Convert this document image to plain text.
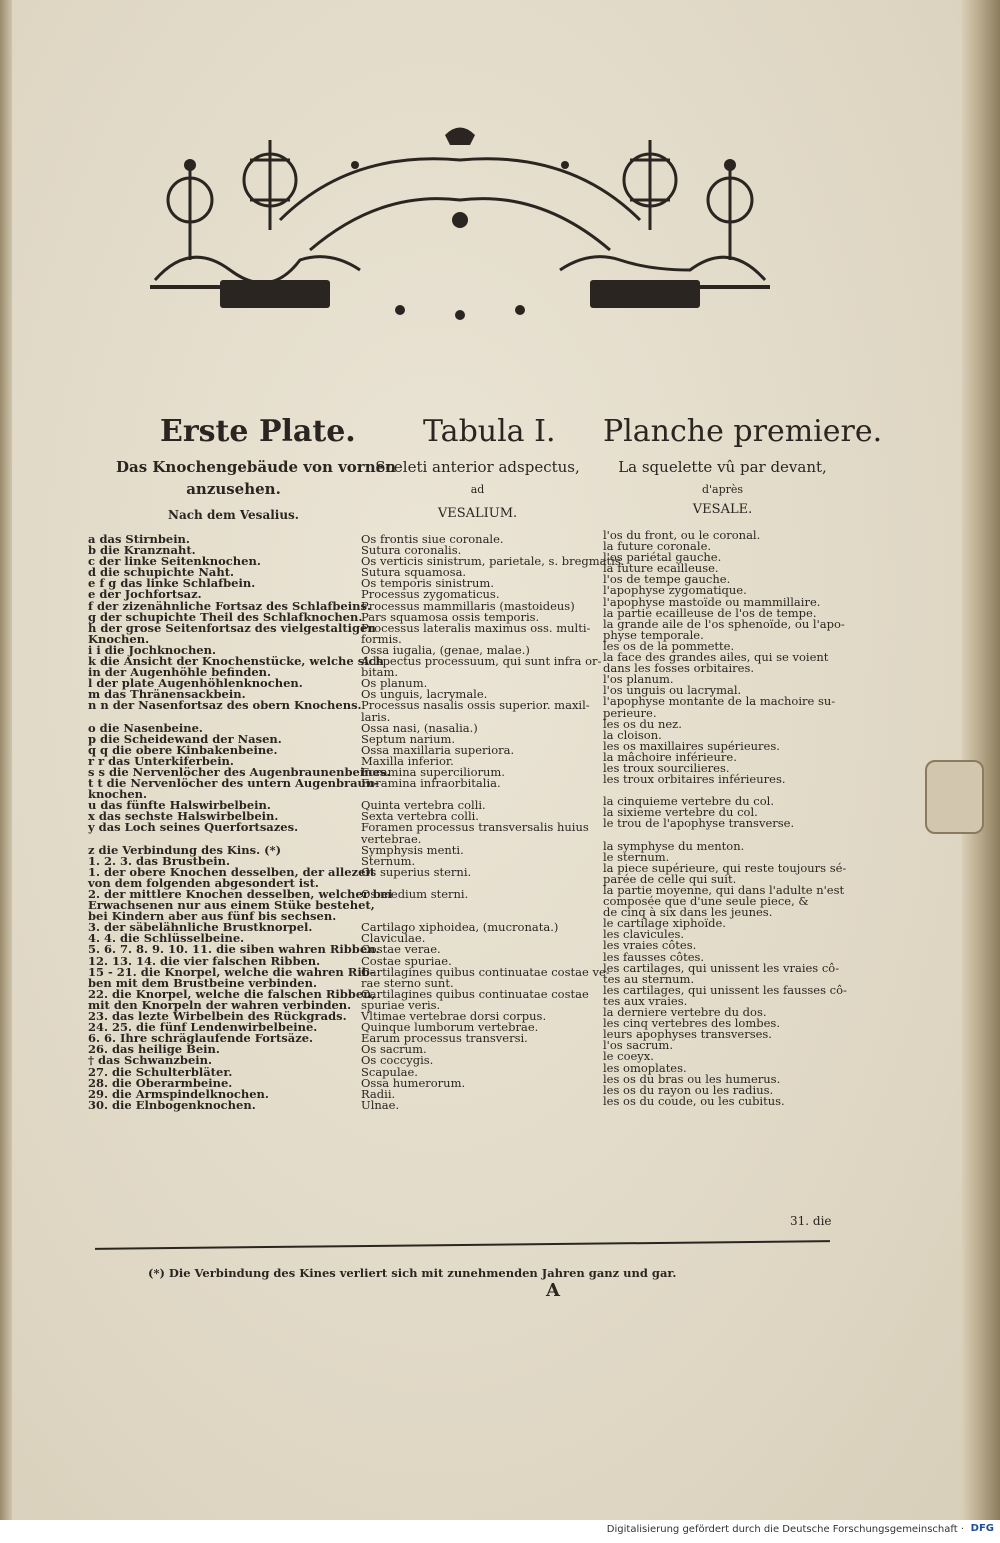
Erste Plate. Tabula I. Planche premiere.
Das Knochengebäude von vornen
anzusehen.
Nach dem Vesalius.
Sceleti anterior adspectus,
ad
VESALIUM.
La squelette vû par devant,
d'après
VESALE.
a das Stirnbein.
b die Kranznaht.
c der linke Seitenknochen.
d die schupichte Naht.
e f g das linke Schlafbein.
e der Jochfortsaz.
f der zizenähnliche Fortsaz des Schlafbeins.
g der schupichte Theil des Schlafknochen.
h der grose Seitenfortsaz des vielgestaltigen
Knochen.
i i die Jochknochen.
k die Ansicht der Knochenstücke, welche sich
in der Augenhöhle befinden.
l der plate Augenhöhlenknochen.
m das Thränensackbein.
n n der Nasenfortsaz des obern Knochens.
o die Nasenbeine.
p die Scheidewand der Nasen.
q q die obere Kinbakenbeine.
r r das Unterkiferbein.
s s die Nervenlöcher des Augenbraunenbeines.
t t die Nervenlöcher des untern Augenbraun-
knochen.
u das fünfte Halswirbelbein.
x das sechste Halswirbelbein.
y das Loch seines Querfortsazes.
z die Verbindung des Kins. (*)
1. 2. 3. das Brustbein.
1. der obere Knochen desselben, der allezeit
von dem folgenden abgesondert ist.
2. der mittlere Knochen desselben, welcher bei
Erwachsenen nur aus einem Stüke bestehet,
bei Kindern aber aus fünf bis sechsen.
3. der säbelähnliche Brustknorpel.
4. 4. die Schlüsselbeine.
5. 6. 7. 8. 9. 10. 11. die siben wahren Ribben.
12. 13. 14. die vier falschen Ribben.
15 - 21. die Knorpel, welche die wahren Rib-
ben mit dem Brustbeine verbinden.
22. die Knorpel, welche die falschen Ribben,
mit den Knorpeln der wahren verbinden.
23. das lezte Wirbelbein des Rückgrads.
24. 25. die fünf Lendenwirbelbeine.
6. 6. Ihre schräglaufende Fortsäze.
26. das heilige Bein.
† das Schwanzbein.
27. die Schulterbläter.
28. die Oberarmbeine.
29. die Armspindelknochen.
30. die Elnbogenknochen.
Os frontis siue coronale.
Sutura coronalis.
Os verticis sinistrum, parietale, s. bregmatis.
Sutura squamosa.
Os temporis sinistrum.
Processus zygomaticus.
Processus mammillaris (mastoideus)
Pars squamosa ossis temporis.
Processus lateralis maximus oss. multi-
formis.
Ossa iugalia, (genae, malae.)
Adspectus processuum, qui sunt infra or-
bitam.
Os planum.
Os unguis, lacrymale.
Processus nasalis ossis superior. maxil-
laris.
Ossa nasi, (nasalia.)
Septum narium.
Ossa maxillaria superiora.
Maxilla inferior.
Foramina superciliorum.
Foramina infraorbitalia.
Quinta vertebra colli.
Sexta vertebra colli.
Foramen processus transversalis huius
vertebrae.
Symphysis menti.
Sternum.
Os superius sterni.
Os medium sterni.
Cartilago xiphoidea, (mucronata.)
Claviculae.
Costae verae.
Costae spuriae.
Cartilagines quibus continuatae costae ve-
rae sterno sunt.
Cartilagines quibus continuatae costae
spuriae veris.
Vltimae vertebrae dorsi corpus.
Quinque lumborum vertebrae.
Earum processus transversi.
Os sacrum.
Os coccygis.
Scapulae.
Ossa humerorum.
Radii.
Ulnae.
l'os du front, ou le coronal.
la future coronale.
l'os pariétal gauche.
la future ecailleuse.
l'os de tempe gauche.
l'apophyse zygomatique.
l'apophyse mastoïde ou mammillaire.
la partie ecailleuse de l'os de tempe.
la grande aile de l'os sphenoïde, ou l'apo-
physe temporale.
les os de la pommette.
la face des grandes ailes, qui se voient
dans les fosses orbitaires.
l'os planum.
l'os unguis ou lacrymal.
l'apophyse montante de la machoire su-
perieure.
les os du nez.
la cloison.
les os maxillaires supérieures.
la mâchoire inférieure.
les troux sourcilieres.
les troux orbitaires inférieures.
la cinquieme vertebre du col.
la sixieme vertebre du col.
le trou de l'apophyse transverse.
la symphyse du menton.
le sternum.
la piece supérieure, qui reste toujours sé-
parée de celle qui suit.
la partie moyenne, qui dans l'adulte n'est
composée que d'une seule piece, &
de cinq à six dans les jeunes.
le cartilage xiphoïde.
les clavicules.
les vraies côtes.
les fausses côtes.
les cartilages, qui unissent les vraies cô-
tes au sternum.
les cartilages, qui unissent les fausses cô-
tes aux vraies.
la derniere vertebre du dos.
les cinq vertebres des lombes.
leurs apophyses transverses.
l'os sacrum.
le coeyx.
les omoplates.
les os du bras ou les humerus.
les os du rayon ou les radius.
les os du coude, ou les cubitus.
31. die
(*) Die Verbindung des Kines verliert sich mit zunehmenden Jahren ganz und gar.
A
Digitalisierung gefördert durch die Deutsche Forschungsgemeinschaft · DFG
